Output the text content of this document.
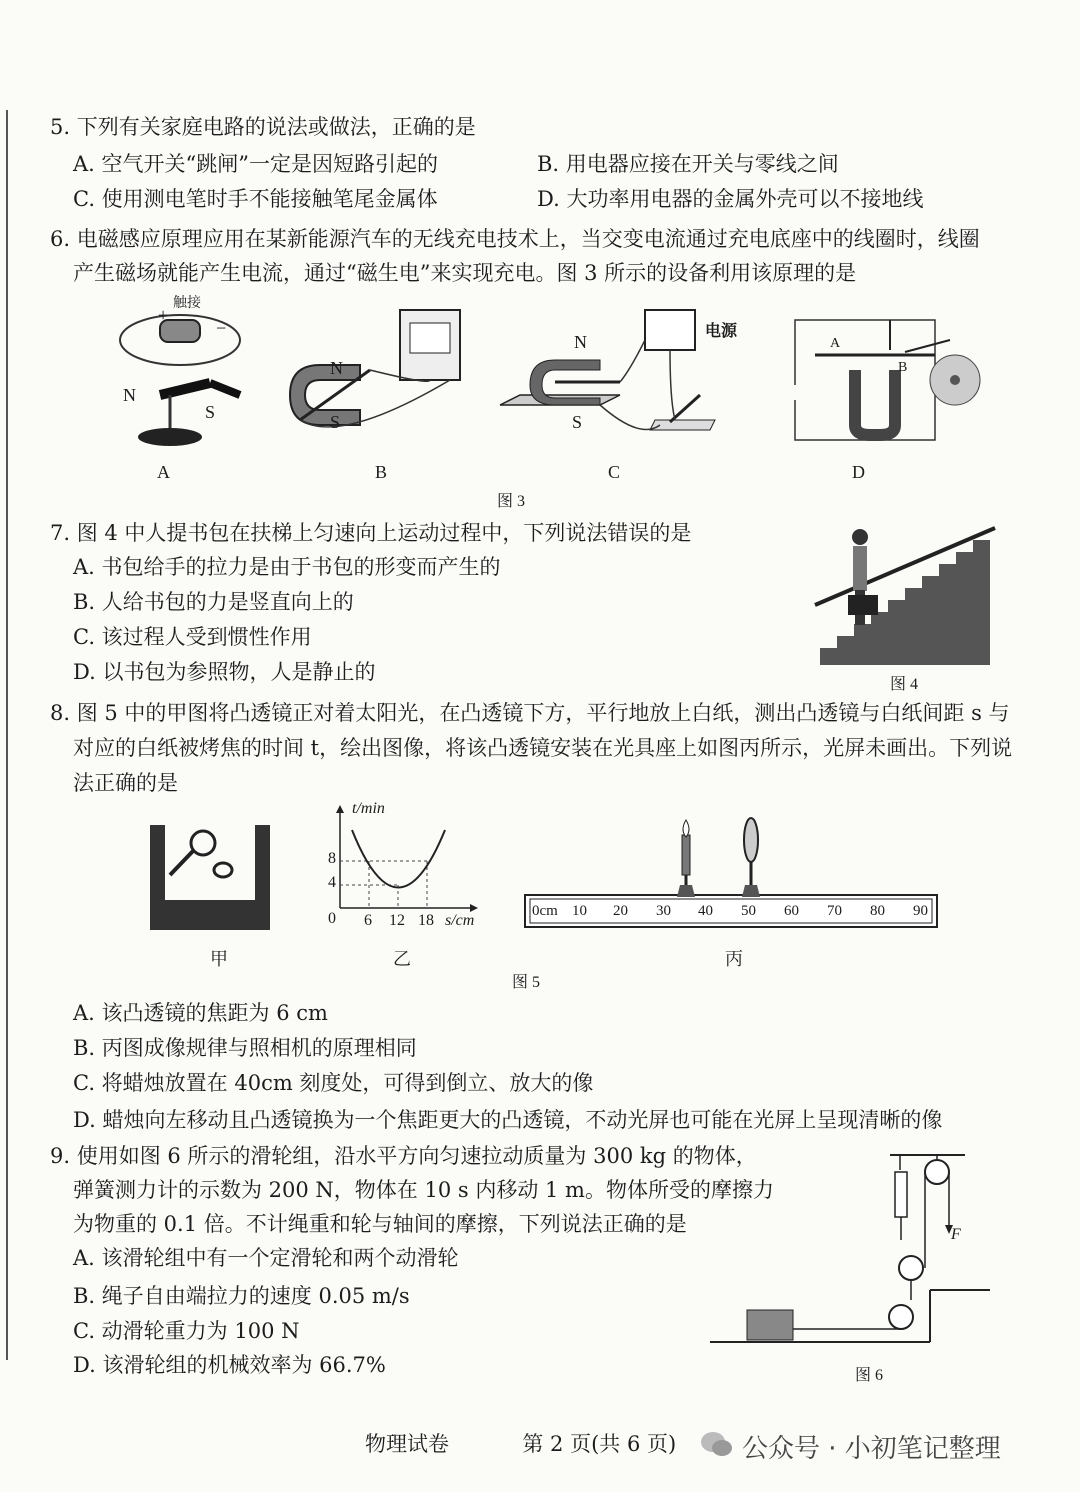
5. 下列有关家庭电路的说法或做法，正确的是
A. 空气开关“跳闸”一定是因短路引起的	B. 用电器应接在开关与零线之间
C. 使用测电笔时手不能接触笔尾金属体	D. 大功率用电器的金属外壳可以不接地线
6. 电磁感应原理应用在某新能源汽车的无线充电技术上，当交变电流通过充电底座中的线圈时，线圈
产生磁场就能产生电流，通过“磁生电”来实现充电。图 3 所示的设备利用该原理的是
触接
+
−
N
S
N
S
电源
N
S
A
B
A	B	C	D
图 3
7. 图 4 中人提书包在扶梯上匀速向上运动过程中，下列说法错误的是
A. 书包给手的拉力是由于书包的形变而产生的
B. 人给书包的力是竖直向上的
C. 该过程人受到惯性作用
D. 以书包为参照物，人是静止的
图 4
8. 图 5 中的甲图将凸透镜正对着太阳光，在凸透镜下方，平行地放上白纸，测出凸透镜与白纸间距 s 与
对应的白纸被烤焦的时间 t，绘出图像，将该凸透镜安装在光具座上如图丙所示，光屏未画出。下列说
法正确的是
甲
t/min
8
4
0 6 12 18 s/cm
乙
0cm 10 20 30 40 50 60 70 80 90
丙
图 5
A. 该凸透镜的焦距为 6 cm
B. 丙图成像规律与照相机的原理相同
C. 将蜡烛放置在 40cm 刻度处，可得到倒立、放大的像
D. 蜡烛向左移动且凸透镜换为一个焦距更大的凸透镜，不动光屏也可能在光屏上呈现清晰的像
9. 使用如图 6 所示的滑轮组，沿水平方向匀速拉动质量为 300 kg 的物体，
弹簧测力计的示数为 200 N，物体在 10 s 内移动 1 m。物体所受的摩擦力
为物重的 0.1 倍。不计绳重和轮与轴间的摩擦，下列说法正确的是
A. 该滑轮组中有一个定滑轮和两个动滑轮
B. 绳子自由端拉力的速度 0.05 m/s
C. 动滑轮重力为 100 N
D. 该滑轮组的机械效率为 66.7%
F
图 6
物理试卷	第 2 页(共 6 页)	公众号 · 小初笔记整理
